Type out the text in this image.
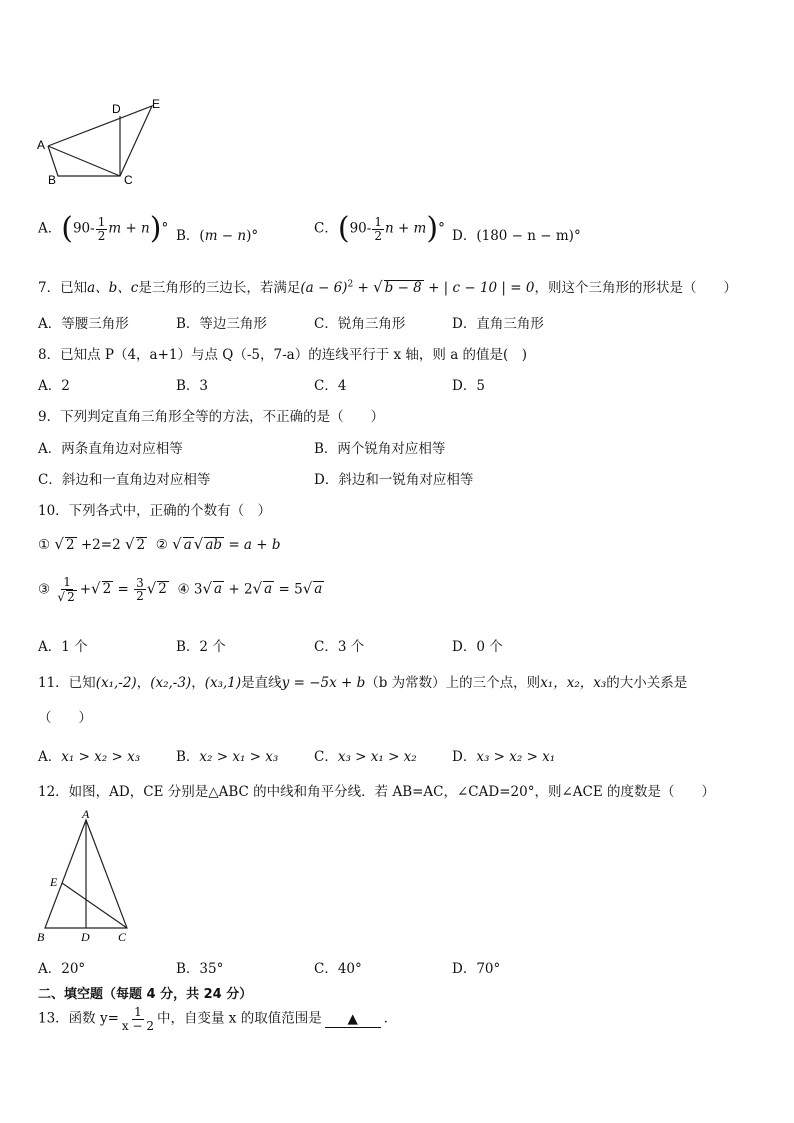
A
B	C
D	E
A．($90- \frac{1}{2}$ m + n)° B．(m − n)°	C．($90- \frac{1}{2}$ n + m)° D．(180 − n − m)°
7．已知a、b、c是三角形的三边长，若满足$(a - 6)^2$ + √ b − 8 + | c − 10 | = 0，则这个三角形的形状是（　　）
A．等腰三角形	B．等边三角形	C．锐角三角形	D．直角三角形
8．已知点 P（4，a+1）与点 Q（-5，7-a）的连线平行于 x 轴，则 a 的值是(　)
A．2	B．3	C．4	D．5
9．下列判定直角三角形全等的方法，不正确的是（　　）
A．两条直角边对应相等	B．两个锐角对应相等
C．斜边和一直角边对应相等	D．斜边和一锐角对应相等
10．下列各式中，正确的个数有（　）
① √ 2 +2=2 √ 2 ② √ a √ ab = a + b
③ $\frac{1}{√ 2}$ +√ $2 = \frac{3}{2}$ √ 2 ④ 3√ a + 2√ a = 5√ a
A．1 个	B．2 个	C．3 个	D．0 个
11．已知(x₁,-2)，(x₂,-3)，(x₃,1)是直线y = −5x + b（b 为常数）上的三个点，则x₁，x₂，x₃的大小关系是
（　　）
A．x₁ > x₂ > x₃	B．x₂ > x₁ > x₃	C．x₃ > x₁ > x₂	D．x₃ > x₂ > x₁
12．如图，AD，CE 分别是△ABC 的中线和角平分线．若 AB=AC，∠CAD=20°，则∠ACE 的度数是（　　）
A
B	C
D
E
A．20°	B．35°	C．40°	D．70°
二、填空题（每题 4 分，共 24 分）
13．函数 $y= \frac{1}{x - 2}$ 中，自变量 x 的取值范围是 ▲ ．
